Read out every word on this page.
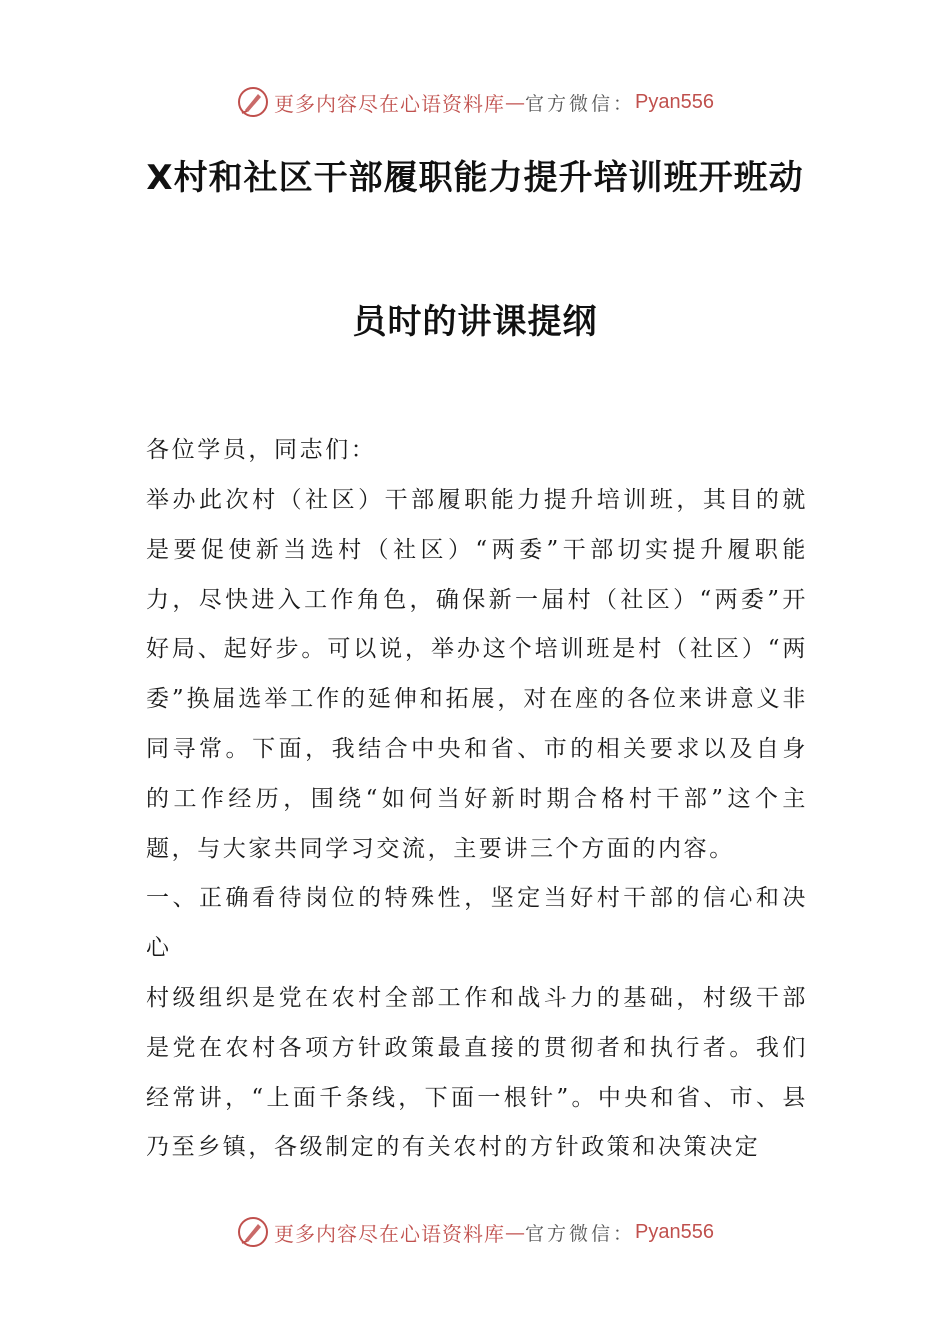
更多内容尽在心语资料库 — 官方微信： Pyan556
X村和社区干部履职能力提升培训班开班动
员时的讲课提纲
各位学员，同志们：
举办此次村（社区）干部履职能力提升培训班，其目的就是要促使新当选村（社区）“两委”干部切实提升履职能力，尽快进入工作角色，确保新一届村（社区）“两委”开好局、起好步。可以说，举办这个培训班是村（社区）“两委”换届选举工作的延伸和拓展，对在座的各位来讲意义非同寻常。下面，我结合中央和省、市的相关要求以及自身的工作经历，围绕“如何当好新时期合格村干部”这个主题，与大家共同学习交流，主要讲三个方面的内容。
一、正确看待岗位的特殊性，坚定当好村干部的信心和决心
村级组织是党在农村全部工作和战斗力的基础，村级干部是党在农村各项方针政策最直接的贯彻者和执行者。我们经常讲，“上面千条线，下面一根针”。中央和省、市、县乃至乡镇，各级制定的有关农村的方针政策和决策决定
更多内容尽在心语资料库 — 官方微信： Pyan556
